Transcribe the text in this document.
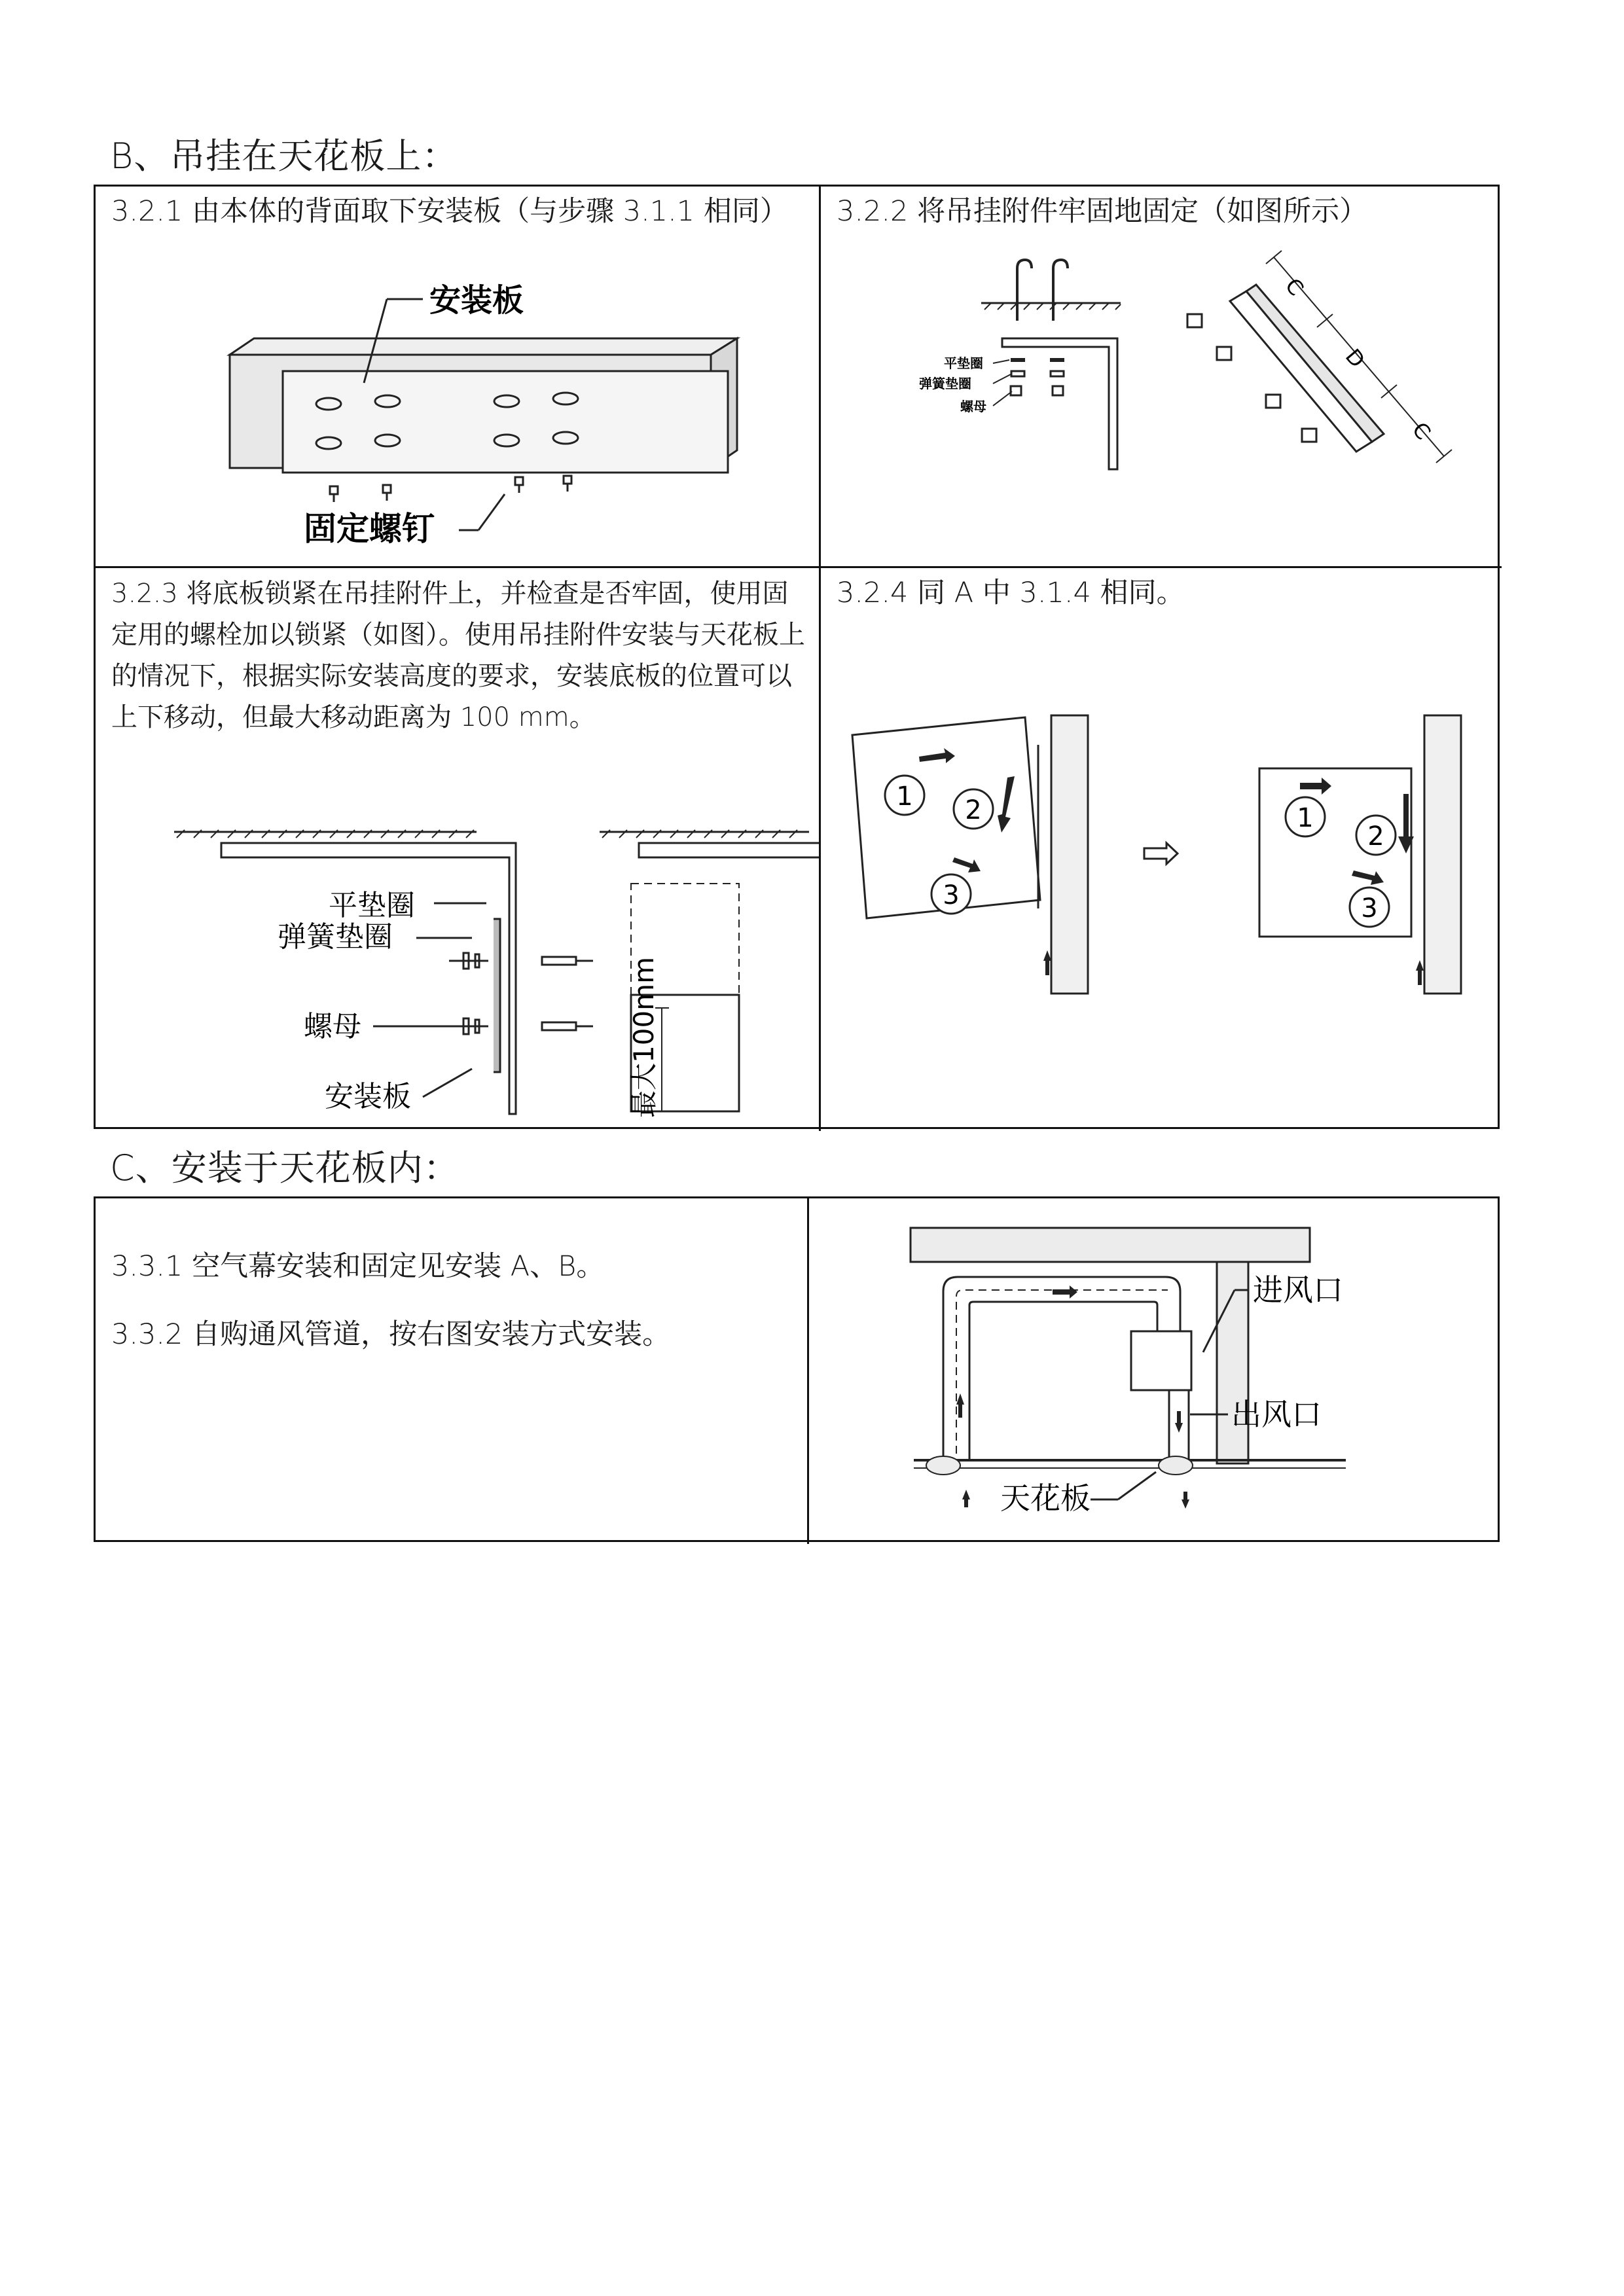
B、吊挂在天花板上：

3.2.1 由本体的背面取下安装板（与步骤 3.1.1 相同）

安装板
固定螺钉

3.2.2 将吊挂附件牢固地固定（如图所示）

平垫圈
弹簧垫圈
螺母
C
D
C

3.2.3 将底板锁紧在吊挂附件上，并检查是否牢固，使用固定用的螺栓加以锁紧（如图）。使用吊挂附件安装与天花板上的情况下，根据实际安装高度的要求，安装底板的位置可以上下移动，但最大移动距离为 100 mm。

平垫圈
弹簧垫圈
螺母
安装板	最大100mm

3.2.4 同 A 中 3.1.4 相同。

1 2
3
1
2
3
C、安装于天花板内：

3.3.1 空气幕安装和固定见安装 A、B。

3.3.2 自购通风管道，按右图安装方式安装。

进风口
出风口
天花板
